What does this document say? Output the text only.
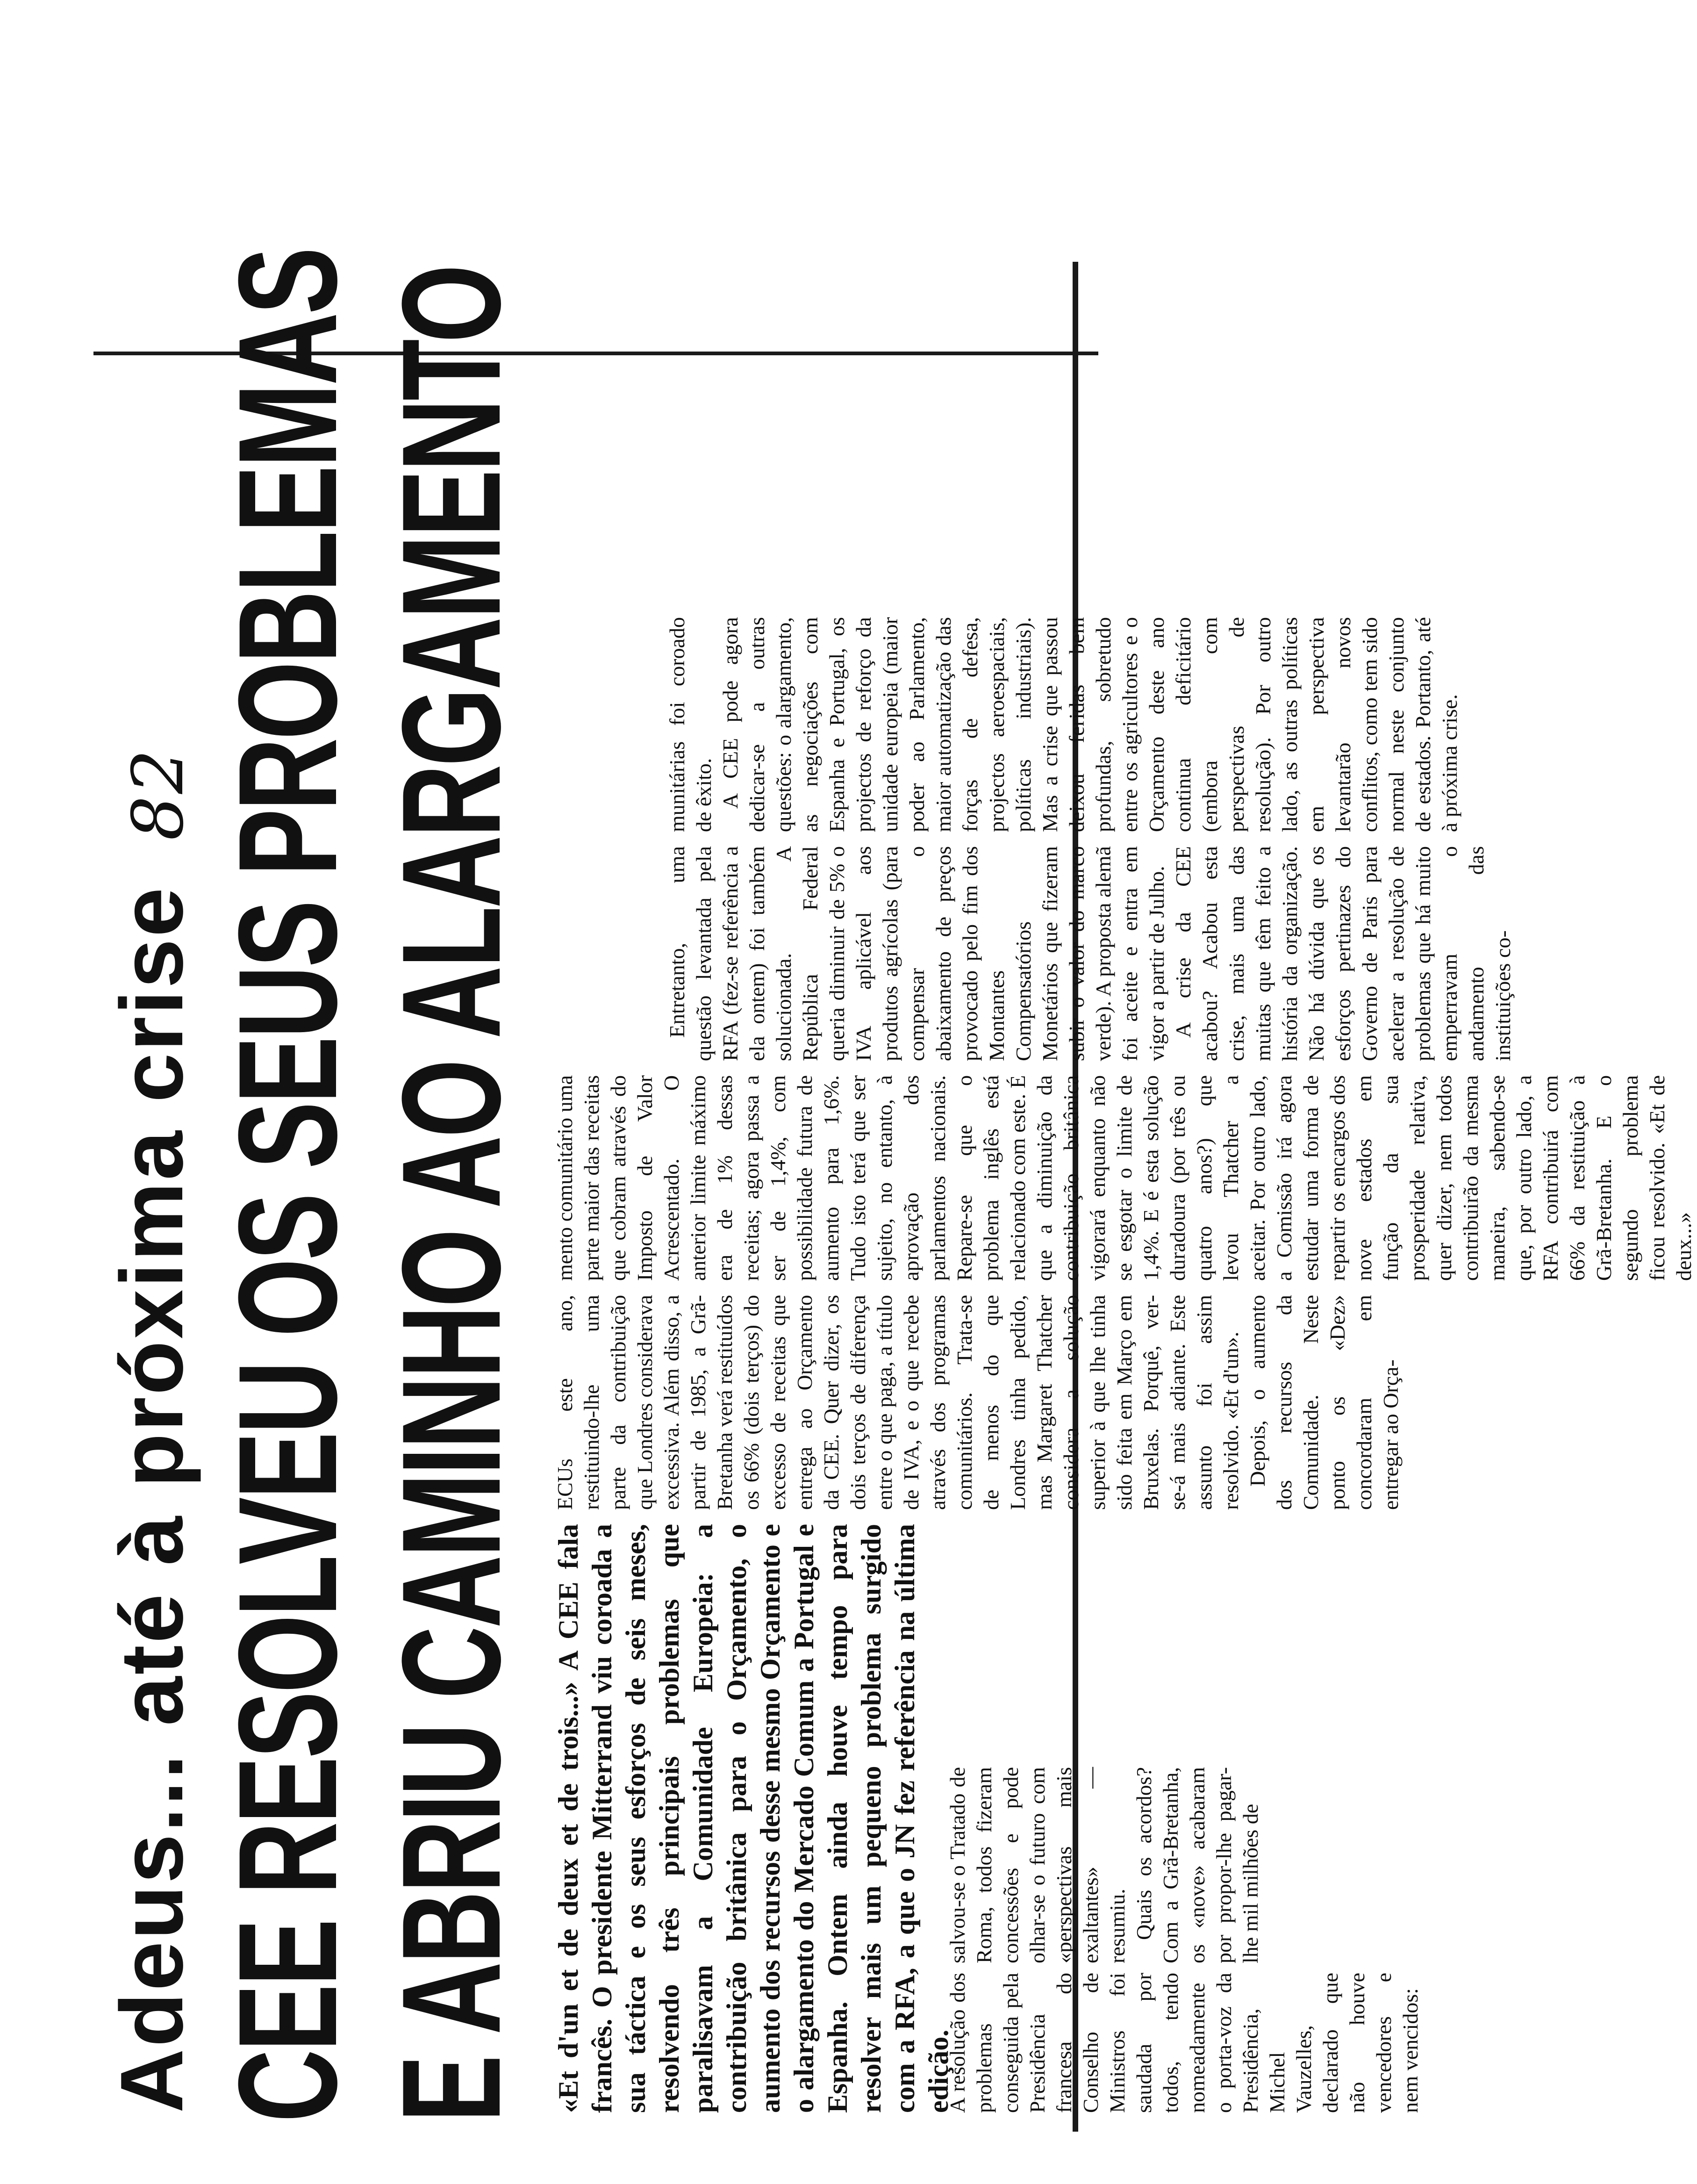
Adeus... até à próxima crise 82 CEE RESOLVEU OS SEUS PROBLEMAS E ABRIU CAMINHO AO ALARGAMENTO «Et d'un et de deux et de trois...» A CEE fala francês. O presidente Mitterrand viu coroada a sua táctica e os seus esforços de seis meses, resolvendo três principais problemas que paralisavam a Comunidade Europeia: a contribuição britânica para o Orçamento, o aumento dos recursos desse mesmo Orçamento e o alargamento do Mercado Comum a Portugal e Espanha. Ontem ainda houve tempo para resolver mais um pequeno problema surgido com a RFA, a que o JN fez referência na última edição.

A resolução dos problemas conseguida pela Presidência francesa do Conselho de Ministros foi saudada por todos, tendo nomeadamente o porta-voz da Presidência, Michel Vauzelles, declarado que não houve vencedores e nem vencidos:

salvou-se o Tratado de Roma, todos fizeram concessões e pode olhar-se o futuro com «perspectivas mais exaltantes» — resumiu. Quais os acordos? Com a Grã-Bretanha, os «nove» acabaram por propor-lhe pagar-lhe mil milhões de

ECUs este ano, restituindo-lhe uma parte da contribuição que Londres considerava excessiva. Além disso, a partir de 1985, a Grã-Bretanha verá restituídos os 66% (dois terços) do excesso de receitas que entrega ao Orçamento da CEE. Quer dizer, os dois terços de diferença entre o que paga, a título de IVA, e o que recebe através dos programas comunitários. Trata-se de menos do que Londres tinha pedido, mas Margaret Thatcher considera a solução superior à que lhe tinha sido feita em Março em Bruxelas. Porquê, ver-se-á mais adiante. Este assunto foi assim resolvido. «Et d'un». Depois, o aumento dos recursos da Comunidade. Neste ponto os «Dez» concordaram em entregar ao Orça-

mento comunitário uma parte maior das receitas que cobram através do Imposto de Valor Acrescentado. O anterior limite máximo era de 1% dessas receitas; agora passa a ser de 1,4%, com possibilidade futura de aumento para 1,6%. Tudo isto terá que ser sujeito, no entanto, à aprovação dos parlamentos nacionais. Repare-se que o problema inglês está relacionado com este. É que a diminuição da contribuição britânica vigorará enquanto não se esgotar o limite de 1,4%. E é esta solução duradoura (por três ou quatro anos?) que levou Thatcher a aceitar. Por outro lado, a Comissão irá agora estudar uma forma de repartir os encargos dos nove estados em função da sua prosperidade relativa, quer dizer, nem todos contribuirão da mesma maneira, sabendo-se que, por outro lado, a RFA contribuirá com 66% da restituição à Grã-Bretanha. E o segundo problema ficou resolvido. «Et de deux...»

Entretanto, uma questão levantada pela RFA (fez-se referência a ela ontem) foi também solucionada. A República Federal queria diminuir de 5% o IVA aplicável aos produtos agrícolas (para compensar o abaixamento de preços provocado pelo fim dos Montantes Compensatórios Monetários que fizeram subir o valor do marco verde). A proposta alemã foi aceite e entra em vigor a partir de Julho. A crise da CEE acabou? Acabou esta crise, mais uma das muitas que têm feito a história da organização. Não há dúvida que os esforços pertinazes do Governo de Paris para acelerar a resolução de problemas que há muito emperravam o andamento das instituições co-

munitárias foi coroado de êxito. A CEE pode agora dedicar-se a outras questões: o alargamento, as negociações com Espanha e Portugal, os projectos de reforço da unidade europeia (maior poder ao Parlamento, maior automatização das forças de defesa, projectos aeroespaciais, políticas industriais). Mas a crise que passou deixou feridas bem profundas, sobretudo entre os agricultores e o Orçamento deste ano continua deficitário (embora com perspectivas de resolução). Por outro lado, as outras políticas em perspectiva levantarão novos conflitos, como tem sido normal neste conjunto de estados. Portanto, até à próxima crise.
